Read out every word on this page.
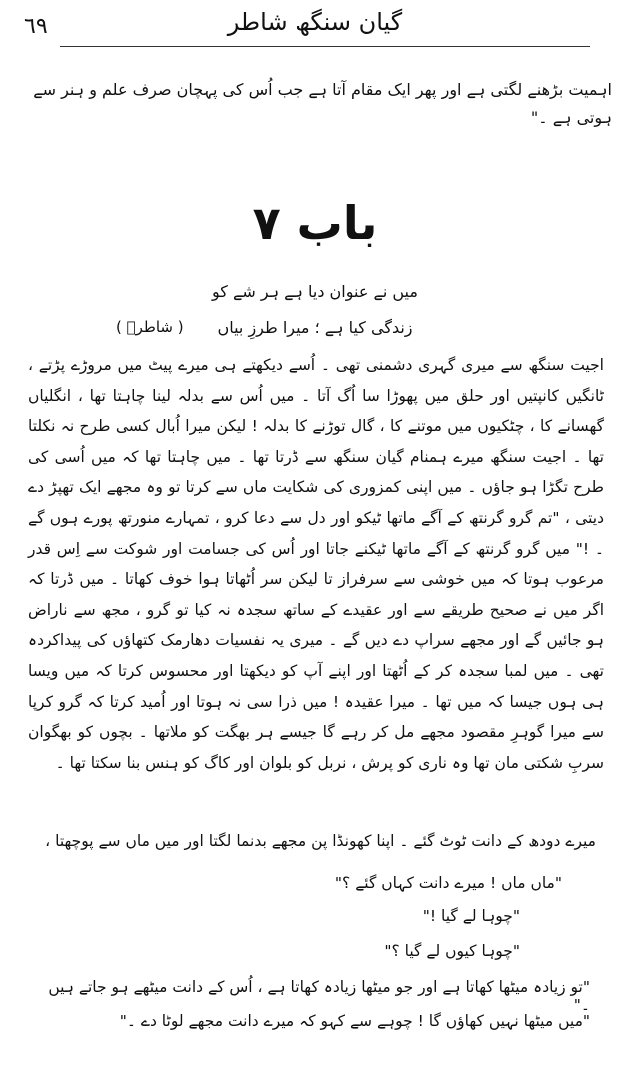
٦٩	گیان سنگھ شاطر
اہمیت بڑھنے لگتی ہے اور پھر ایک مقام آتا ہے جب اُس کی پہچان صرف علم و ہنر سے ہوتی ہے ۔"
باب ۷
میں نے عنوان دیا ہے ہر شے کو
زندگی کیا ہے ؛ میرا طرزِ بیاں
( شاطرؔ )

اجیت سنگھ سے میری گہری دشمنی تھی ۔ اُسے دیکھتے ہی میرے پیٹ میں مروڑے پڑتے ، ٹانگیں کانپتیں اور حلق میں پھوڑا سا اُگ آتا ۔ میں اُس سے بدلہ لینا چاہتا تھا ، انگلیاں گھسانے کا ، چٹکیوں میں موتنے کا ، گال توڑنے کا بدلہ ! لیکن میرا اُبال کسی طرح نہ نکلتا تھا ۔ اجیت سنگھ میرے ہمنام گیان سنگھ سے ڈرتا تھا ۔ میں چاہتا تھا کہ میں اُسی کی طرح تگڑا ہو جاؤں ۔ میں اپنی کمزوری کی شکایت ماں سے کرتا تو وہ مجھے ایک تھپڑ دے دیتی ، "تم گرو گرنتھ کے آگے ماتھا ٹیکو اور دل سے دعا کرو ، تمہارے منورتھ پورے ہوں گے ۔ !" میں گرو گرنتھ کے آگے ماتھا ٹیکنے جاتا اور اُس کی جسامت اور شوکت سے اِس قدر مرعوب ہوتا کہ میں خوشی سے سرفراز تا لیکن سر اُٹھاتا ہوا خوف کھاتا ۔ میں ڈرتا کہ اگر میں نے صحیح طریقے سے اور عقیدے کے ساتھ سجدہ نہ کیا تو گرو ، مجھ سے ناراض ہو جائیں گے اور مجھے سراپ دے دیں گے ۔ میری یہ نفسیات دھارمک کتھاؤں کی پیداکردہ تھی ۔ میں لمبا سجدہ کر کے اُٹھتا اور اپنے آپ کو دیکھتا اور محسوس کرتا کہ میں ویسا ہی ہوں جیسا کہ میں تھا ۔ میرا عقیدہ ! میں ذرا سی نہ ہوتا اور اُمید کرتا کہ گرو کرپا سے میرا گوہرِ مقصود مجھے مل کر رہے گا جیسے ہر بھگت کو ملاتھا ۔ بچوں کو بھگوان سربِ شکتی مان تھا وہ ناری کو پرش ، نربل کو بلوان اور کاگ کو ہنس بنا سکتا تھا ۔

میرے دودھ کے دانت ٹوٹ گئے ۔ اپنا کھونڈا پن مجھے بدنما لگتا اور میں ماں سے پوچھتا ،
"ماں ماں ! میرے دانت کہاں گئے ؟"
"چوہا لے گیا !"
"چوہا کیوں لے گیا ؟"
"تو زیادہ میٹھا کھاتا ہے اور جو میٹھا زیادہ کھاتا ہے ، اُس کے دانت میٹھے ہو جاتے ہیں ۔"
"میں میٹھا نہیں کھاؤں گا ! چوہے سے کہو کہ میرے دانت مجھے لوٹا دے ۔"
